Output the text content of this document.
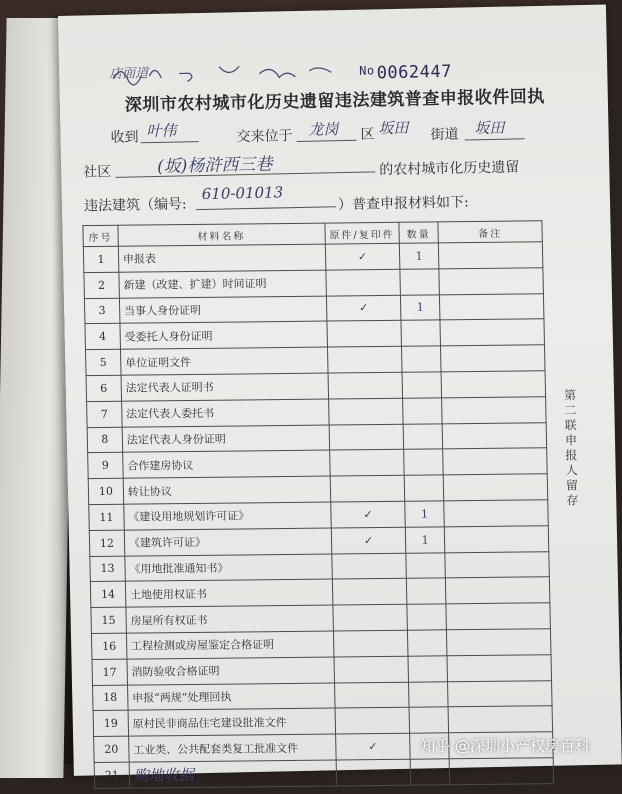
店面道	$^{No}$ 0062447
深圳市农村城市化历史遗留违法建筑普查申报收件回执
收到 叶伟	交来位于 龙岗 区 坂田 街道 坂田
社区	(坂)杨浒西三巷	的农村城市化历史遗留
违法建筑（编号:
610-01013
）普查申报材料如下:
序号	材料名称	原件/复印件	数量	备注
1	申报表	✓	1	
2	新建（改建、扩建）时间证明			
3	当事人身份证明	✓	1	
4	受委托人身份证明			
5	单位证明文件			
6	法定代表人证明书			
7	法定代表人委托书			
8	法定代表人身份证明			
9	合作建房协议			
10	转让协议			
11	《建设用地规划许可证》	✓	1	
12	《建筑许可证》	✓	1	
13	《用地批准通知书》			
14	土地使用权证书			
15	房屋所有权证书			
16	工程检测或房屋鉴定合格证明			
17	消防验收合格证明			
18	申报“两规”处理回执			
19	原村民非商品住宅建设批准文件			
20	工业类、公共配套类复工批准文件	✓		
21	购地收据			
第二联 申报人留存
知乎 @深圳小产权房百科
